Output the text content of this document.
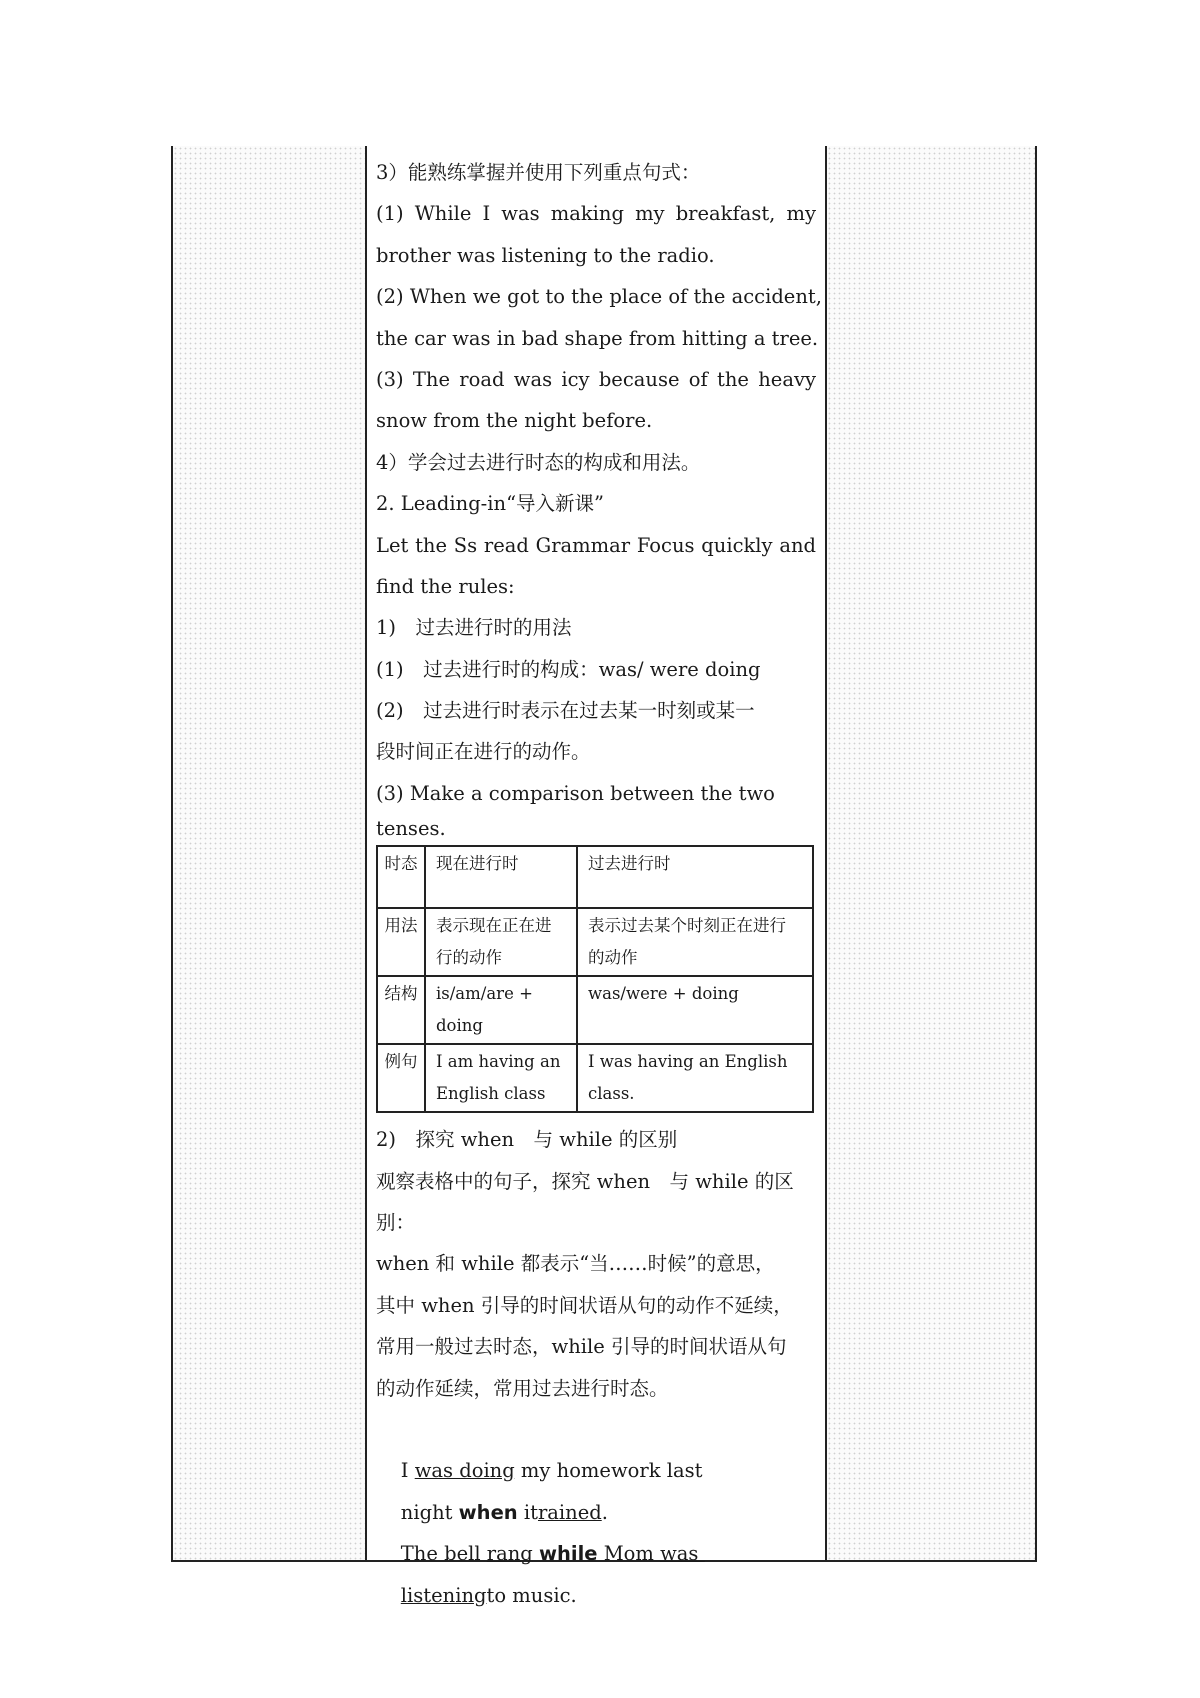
3）能熟练掌握并使用下列重点句式：
(1) While I was making my breakfast, my
brother was listening to the radio.
(2) When we got to the place of the accident,
the car was in bad shape from hitting a tree.
(3) The road was icy because of the heavy
snow from the night before.
4）学会过去进行时态的构成和用法。
2. Leading-in“导入新课”
Let the Ss read Grammar Focus quickly and
find the rules:
1)　过去进行时的用法
(1)　过去进行时的构成：was/ were doing
(2)　过去进行时表示在过去某一时刻或某一
段时间正在进行的动作。
(3) Make a comparison between the two
tenses.
时态	现在进行时	过去进行时
用法	表示现在正在进行的动作	表示过去某个时刻正在进行的动作
结构	is/am/are + doing	was/were + doing
例句	I am having an English class	I was having an English class.
2)　探究 when　与 while 的区别
观察表格中的句子，探究 when　与 while 的区
别：
when 和 while 都表示“当……时候”的意思，
其中 when 引导的时间状语从句的动作不延续，
常用一般过去时态，while 引导的时间状语从句
的动作延续，常用过去进行时态。

I was doing my homework last

night when itrained.

The bell rang while Mom was

listeningto music.
